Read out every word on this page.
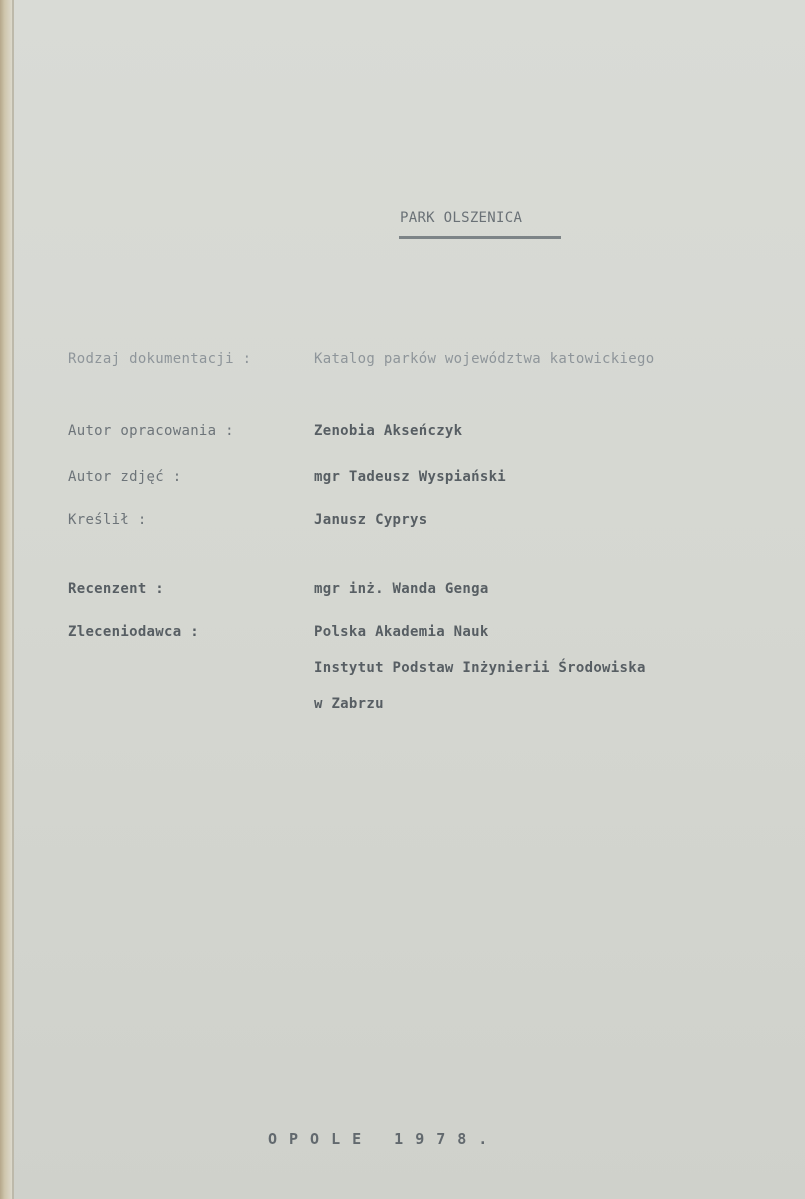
PARK OLSZENICA
Rodzaj dokumentacji :	Katalog parków województwa katowickiego
Autor opracowania :	Zenobia Akseńczyk
Autor zdjęć :	mgr Tadeusz Wyspiański
Kreślił :	Janusz Cyprys
Recenzent :	mgr inż. Wanda Genga
Zleceniodawca :	Polska Akademia Nauk
Instytut Podstaw Inżynierii Środowiska
w Zabrzu
OPOLE 1978.
